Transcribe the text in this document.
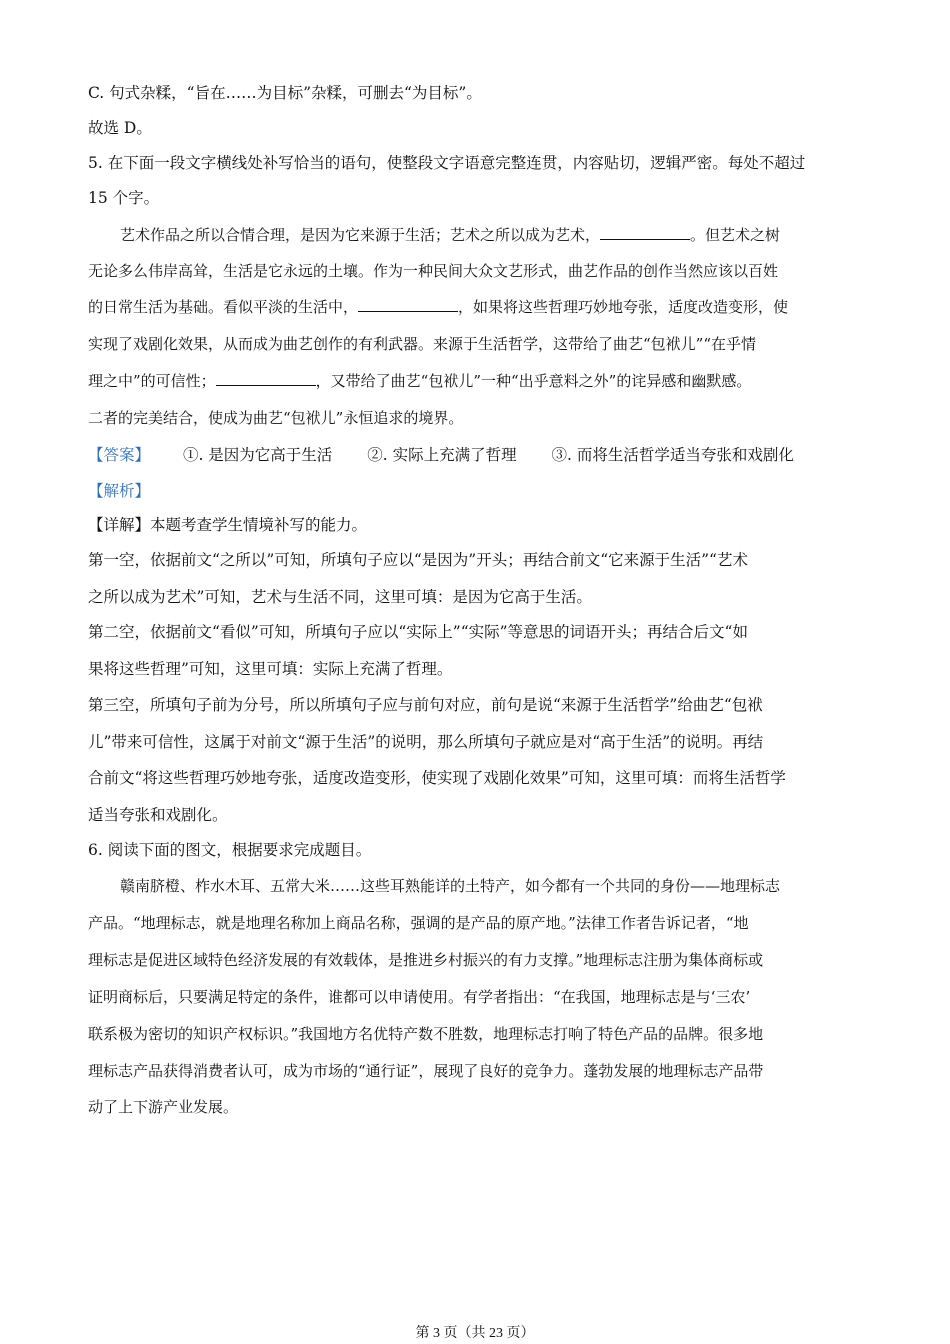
C. 句式杂糅，“旨在……为目标”杂糅，可删去“为目标”。
故选 D。
5. 在下面一段文字横线处补写恰当的语句，使整段文字语意完整连贯，内容贴切，逻辑严密。每处不超过
15 个字。
艺术作品之所以合情合理，是因为它来源于生活；艺术之所以成为艺术，	。但艺术之树
无论多么伟岸高耸，生活是它永远的土壤。作为一种民间大众文艺形式，曲艺作品的创作当然应该以百姓
的日常生活为基础。看似平淡的生活中，	，如果将这些哲理巧妙地夸张，适度改造变形，使
实现了戏剧化效果，从而成为曲艺创作的有利武器。来源于生活哲学，这带给了曲艺“包袱儿”“在乎情
理之中”的可信性；	，又带给了曲艺“包袱儿”一种“出乎意料之外”的诧异感和幽默感。
二者的完美结合，使成为曲艺“包袱儿”永恒追求的境界。
【答案】 ①. 是因为它高于生活 ②. 实际上充满了哲理 ③. 而将生活哲学适当夸张和戏剧化
【解析】
【详解】本题考查学生情境补写的能力。
第一空，依据前文“之所以”可知，所填句子应以“是因为”开头；再结合前文“它来源于生活”“艺术
之所以成为艺术”可知，艺术与生活不同，这里可填：是因为它高于生活。
第二空，依据前文“看似”可知，所填句子应以“实际上”“实际”等意思的词语开头；再结合后文“如
果将这些哲理”可知，这里可填：实际上充满了哲理。
第三空，所填句子前为分号，所以所填句子应与前句对应，前句是说“来源于生活哲学”给曲艺“包袱
儿”带来可信性，这属于对前文“源于生活”的说明，那么所填句子就应是对“高于生活”的说明。再结
合前文“将这些哲理巧妙地夸张，适度改造变形，使实现了戏剧化效果”可知，这里可填：而将生活哲学
适当夸张和戏剧化。
6. 阅读下面的图文，根据要求完成题目。
赣南脐橙、柞水木耳、五常大米……这些耳熟能详的土特产，如今都有一个共同的身份——地理标志
产品。“地理标志，就是地理名称加上商品名称，强调的是产品的原产地。”法律工作者告诉记者，“地
理标志是促进区域特色经济发展的有效载体，是推进乡村振兴的有力支撑。”地理标志注册为集体商标或
证明商标后，只要满足特定的条件，谁都可以申请使用。有学者指出：“在我国，地理标志是与‘三农’
联系极为密切的知识产权标识。”我国地方名优特产数不胜数，地理标志打响了特色产品的品牌。很多地
理标志产品获得消费者认可，成为市场的“通行证”，展现了良好的竞争力。蓬勃发展的地理标志产品带
动了上下游产业发展。
第 3 页（共 23 页）
